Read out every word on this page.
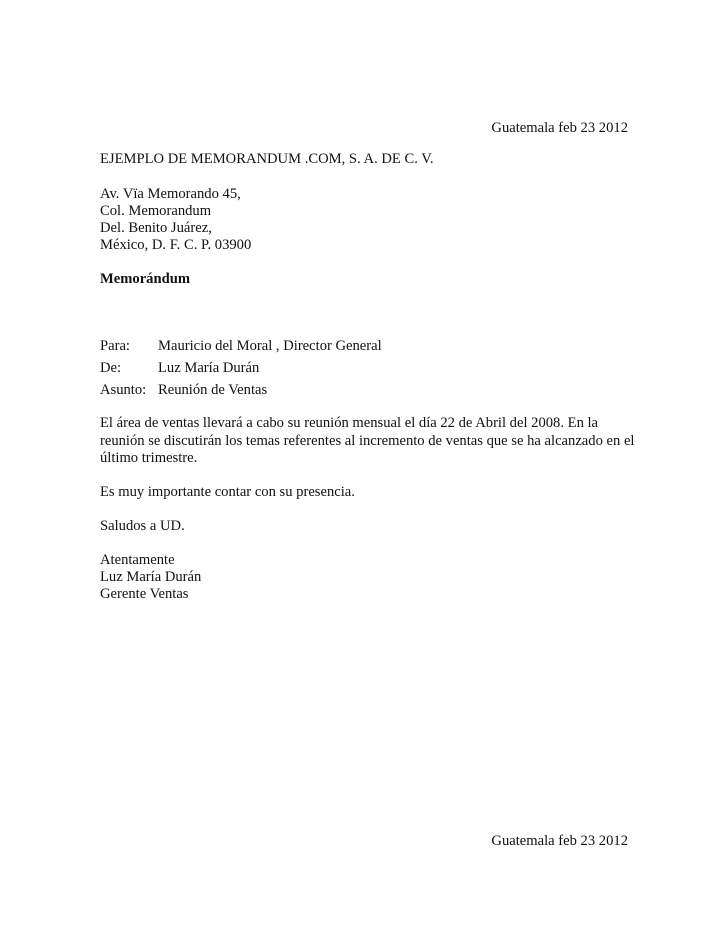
Guatemala feb 23 2012
EJEMPLO DE MEMORANDUM .COM, S. A. DE C. V.
Av. Vïa Memorando 45,
Col. Memorandum
Del. Benito Juárez,
México, D. F. C. P. 03900
Memorándum
Para: Mauricio del Moral , Director General
De:	Luz María Durán
Asunto: Reunión de Ventas
El área de ventas llevará a cabo su reunión mensual el día 22 de Abril del 2008. En la reunión se discutirán los temas referentes al incremento de ventas que se ha alcanzado en el último trimestre.
Es muy importante contar con su presencia.
Saludos a UD.
Atentamente
Luz María Durán
Gerente Ventas
Guatemala feb 23 2012
